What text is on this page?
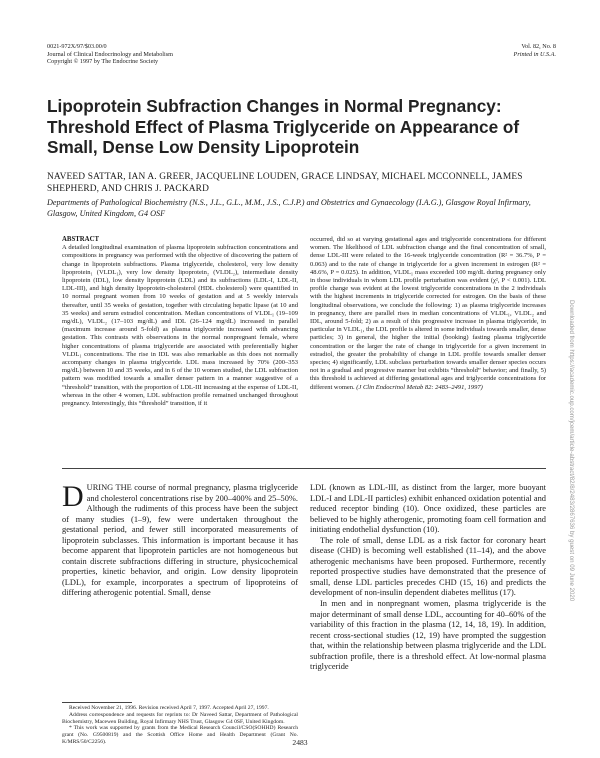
0021-972X/97/$03.00/0
Journal of Clinical Endocrinology and Metabolism
Copyright © 1997 by The Endocrine Society
Vol. 82, No. 8
Printed in U.S.A.
Lipoprotein Subfraction Changes in Normal Pregnancy: Threshold Effect of Plasma Triglyceride on Appearance of Small, Dense Low Density Lipoprotein
NAVEED SATTAR, IAN A. GREER, JACQUELINE LOUDEN, GRACE LINDSAY, MICHAEL MCCONNELL, JAMES SHEPHERD, AND CHRIS J. PACKARD
Departments of Pathological Biochemistry (N.S., J.L., G.L., M.M., J.S., C.J.P.) and Obstetrics and Gynaecology (I.A.G.), Glasgow Royal Infirmary, Glasgow, United Kingdom, G4 OSF
ABSTRACT
A detailed longitudinal examination of plasma lipoprotein subfraction concentrations and compositions in pregnancy was performed with the objective of discovering the pattern of change in lipoprotein subfractions. Plasma triglyceride, cholesterol, very low density lipoprotein₁ (VLDL₁), very low density lipoprotein₂ (VLDL₂), intermediate density lipoprotein (IDL), low density lipoprotein (LDL) and its subfractions (LDL-I, LDL-II, LDL-III), and high density lipoprotein-cholesterol (HDL cholesterol) were quantified in 10 normal pregnant women from 10 weeks of gestation and at 5 weekly intervals thereafter, until 35 weeks of gestation, together with circulating hepatic lipase (at 10 and 35 weeks) and serum estradiol concentration. Median concentrations of VLDL₁ (19–109 mg/dL), VLDL₂ (17–103 mg/dL) and IDL (26–124 mg/dL) increased in parallel (maximum increase around 5-fold) as plasma triglyceride increased with advancing gestation. This contrasts with observations in the normal nonpregnant female, where higher concentrations of plasma triglyceride are associated with preferentially higher VLDL₁ concentrations. The rise in IDL was also remarkable as this does not normally accompany changes in plasma triglyceride. LDL mass increased by 70% (200–353 mg/dL) between 10 and 35 weeks, and in 6 of the 10 women studied, the LDL subfraction pattern was modified towards a smaller denser pattern in a manner suggestive of a “threshold” transition, with the proportion of LDL-III increasing at the expense of LDL-II, whereas in the other 4 women, LDL subfraction profile remained unchanged throughout pregnancy. Interestingly, this “threshold” transition, if it
occurred, did so at varying gestational ages and triglyceride concentrations for different women. The likelihood of LDL subfraction change and the final concentration of small, dense LDL-III were related to the 16-week triglyceride concentration (R² = 36.7%, P = 0.063) and to the rate of change in triglyceride for a given increment in estrogen (R² = 48.6%, P = 0.025). In addition, VLDL₁ mass exceeded 100 mg/dL during pregnancy only in those individuals in whom LDL profile perturbation was evident (χ², P < 0.001). LDL profile change was evident at the lowest triglyceride concentrations in the 2 individuals with the highest increments in triglyceride corrected for estrogen. On the basis of these longitudinal observations, we conclude the following: 1) as plasma triglyceride increases in pregnancy, there are parallel rises in median concentrations of VLDL₁, VLDL₂ and IDL, around 5-fold; 2) as a result of this progressive increase in plasma triglyceride, in particular in VLDL₁, the LDL profile is altered in some individuals towards smaller, dense particles; 3) in general, the higher the initial (booking) fasting plasma triglyceride concentration or the larger the rate of change in triglyceride for a given increment in estradiol, the greater the probability of change in LDL profile towards smaller denser species; 4) significantly, LDL subclass perturbation towards smaller denser species occurs not in a gradual and progressive manner but exhibits “threshold” behavior; and finally, 5) this threshold is achieved at differing gestational ages and triglyceride concentrations for different women. (J Clin Endocrinol Metab 82: 2483–2491, 1997)

DURING THE course of normal pregnancy, plasma triglyceride and cholesterol concentrations rise by 200–400% and 25–50%. Although the rudiments of this process have been the subject of many studies (1–9), few were undertaken throughout the gestational period, and fewer still incorporated measurements of lipoprotein subclasses. This information is important because it has become apparent that lipoprotein particles are not homogeneous but contain discrete subfractions differing in structure, physicochemical properties, kinetic behavior, and origin. Low density lipoprotein (LDL), for example, incorporates a spectrum of lipoproteins of differing atherogenic potential. Small, dense

LDL (known as LDL-III, as distinct from the larger, more buoyant LDL-I and LDL-II particles) exhibit enhanced oxidation potential and reduced receptor binding (10). Once oxidized, these particles are believed to be highly atherogenic, promoting foam cell formation and initiating endothelial dysfunction (10).

The role of small, dense LDL as a risk factor for coronary heart disease (CHD) is becoming well established (11–14), and the above atherogenic mechanisms have been proposed. Furthermore, recently reported prospective studies have demonstrated that the presence of small, dense LDL particles precedes CHD (15, 16) and predicts the development of non-insulin dependent diabetes mellitus (17).

In men and in nonpregnant women, plasma triglyceride is the major determinant of small dense LDL, accounting for 40–60% of the variability of this fraction in the plasma (12, 14, 18, 19). In addition, recent cross-sectional studies (12, 19) have prompted the suggestion that, within the relationship between plasma triglyceride and the LDL subfraction profile, there is a threshold effect. At low-normal plasma triglyceride

Received November 21, 1996. Revision received April 7, 1997. Accepted April 27, 1997.

Address correspondence and requests for reprints to: Dr Naveed Sattar, Department of Pathological Biochemistry, Macewen Building, Royal Infirmary NHS Trust, Glasgow G4 0SF, United Kingdom.

* This work was supported by grants from the Medical Research Council/CSO(SOHHD) Research grant (No. G9500819) and the Scottish Office Home and Health Department (Grant No. K/MRS/50/C2256).	2483
Downloaded from https://academic.oup.com/jcem/article-abstract/82/8/2483/2867636 by guest on 09 June 2020
